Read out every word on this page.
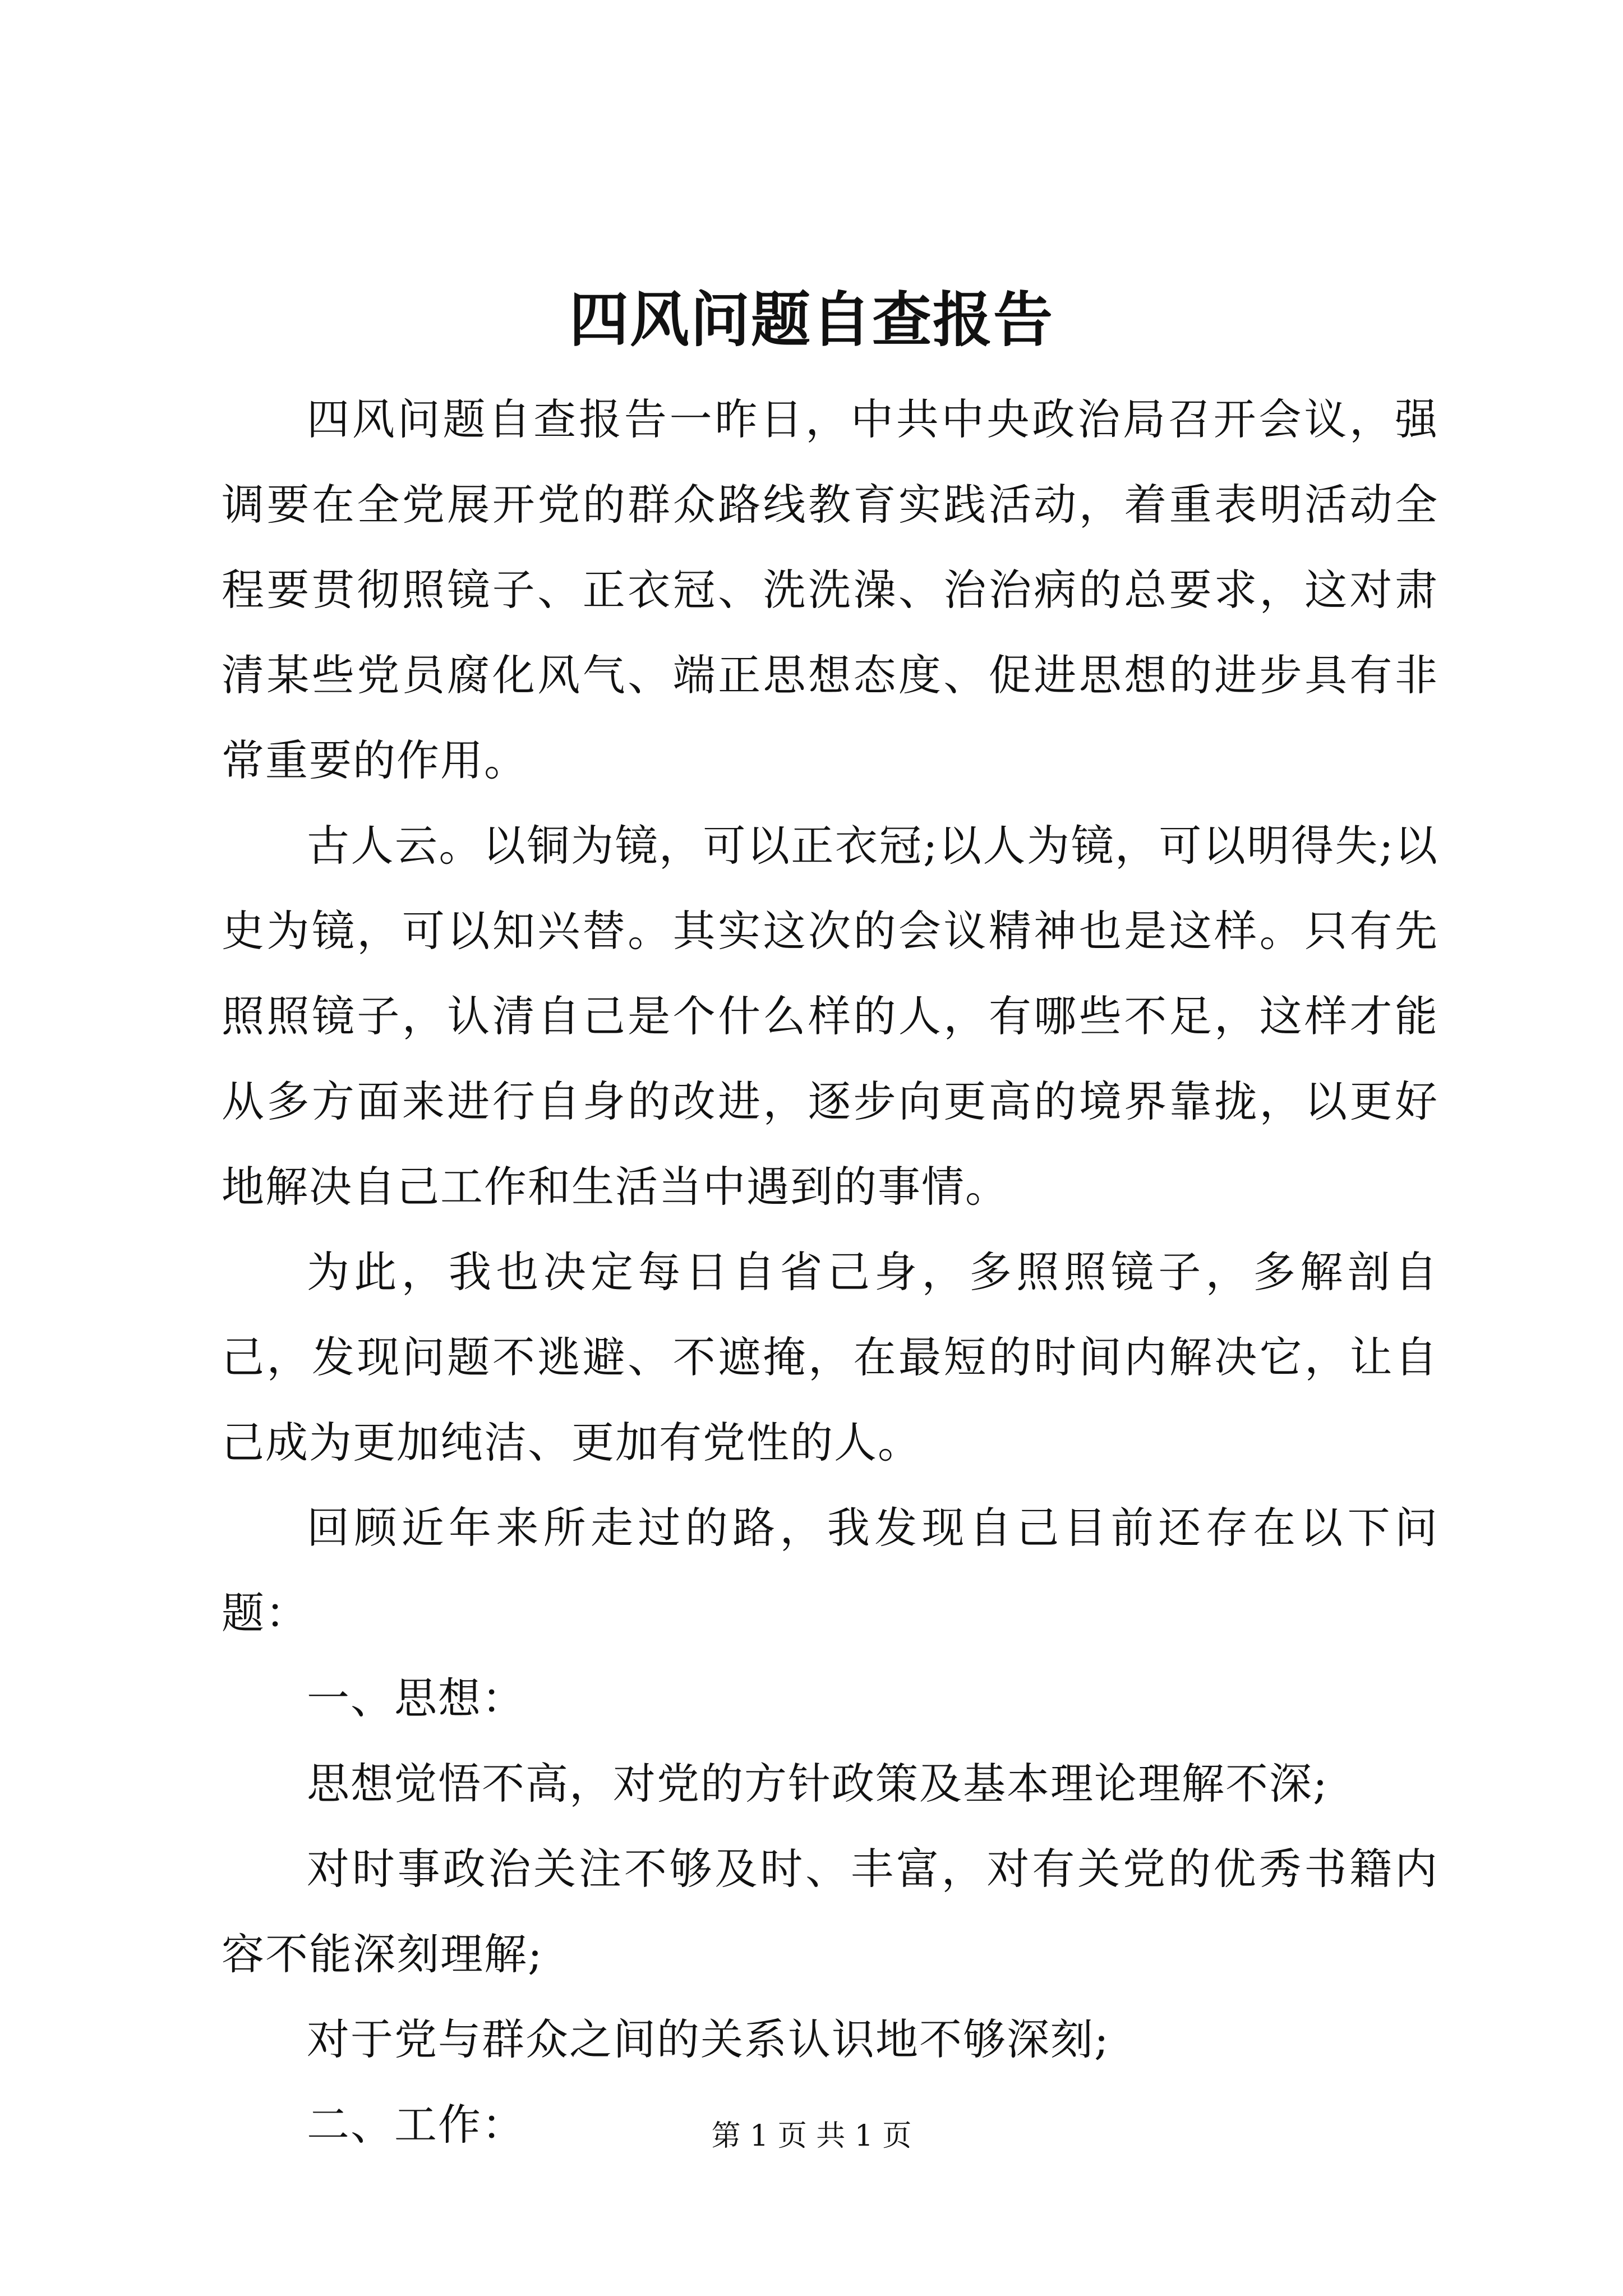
四风问题自查报告

四风问题自查报告一昨日，中共中央政治局召开会议，强调要在全党展开党的群众路线教育实践活动，着重表明活动全程要贯彻照镜子、正衣冠、洗洗澡、治治病的总要求，这对肃清某些党员腐化风气、端正思想态度、促进思想的进步具有非常重要的作用。

古人云。以铜为镜，可以正衣冠;以人为镜，可以明得失;以史为镜，可以知兴替。其实这次的会议精神也是这样。只有先照照镜子，认清自己是个什么样的人，有哪些不足，这样才能从多方面来进行自身的改进，逐步向更高的境界靠拢，以更好地解决自己工作和生活当中遇到的事情。

为此，我也决定每日自省己身，多照照镜子，多解剖自己，发现问题不逃避、不遮掩，在最短的时间内解决它，让自己成为更加纯洁、更加有党性的人。

回顾近年来所走过的路，我发现自己目前还存在以下问题：

一、思想：

思想觉悟不高，对党的方针政策及基本理论理解不深;

对时事政治关注不够及时、丰富，对有关党的优秀书籍内容不能深刻理解;

对于党与群众之间的关系认识地不够深刻;

二、工作：	第 1 页 共 1 页
